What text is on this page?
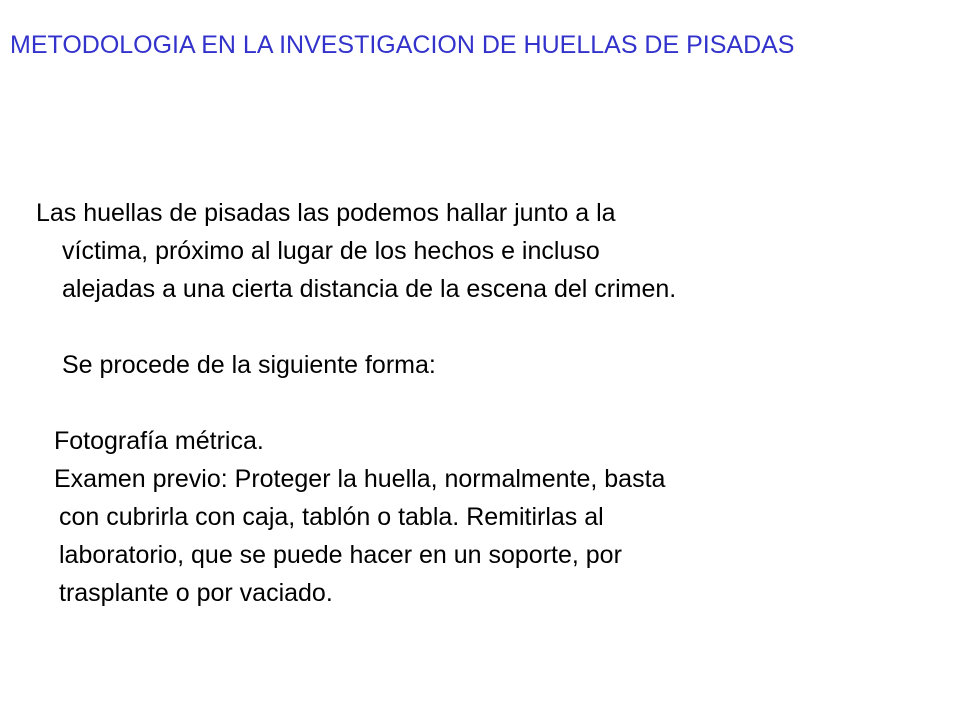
METODOLOGIA EN LA INVESTIGACION DE HUELLAS DE PISADAS
Las huellas de pisadas las podemos hallar junto a la
víctima, próximo al lugar de los hechos e incluso
alejadas a una cierta distancia de la escena del crimen.
Se procede de la siguiente forma:
Fotografía métrica.
Examen previo: Proteger la huella, normalmente, basta
con cubrirla con caja, tablón o tabla. Remitirlas al
laboratorio, que se puede hacer en un soporte, por
trasplante o por vaciado.
